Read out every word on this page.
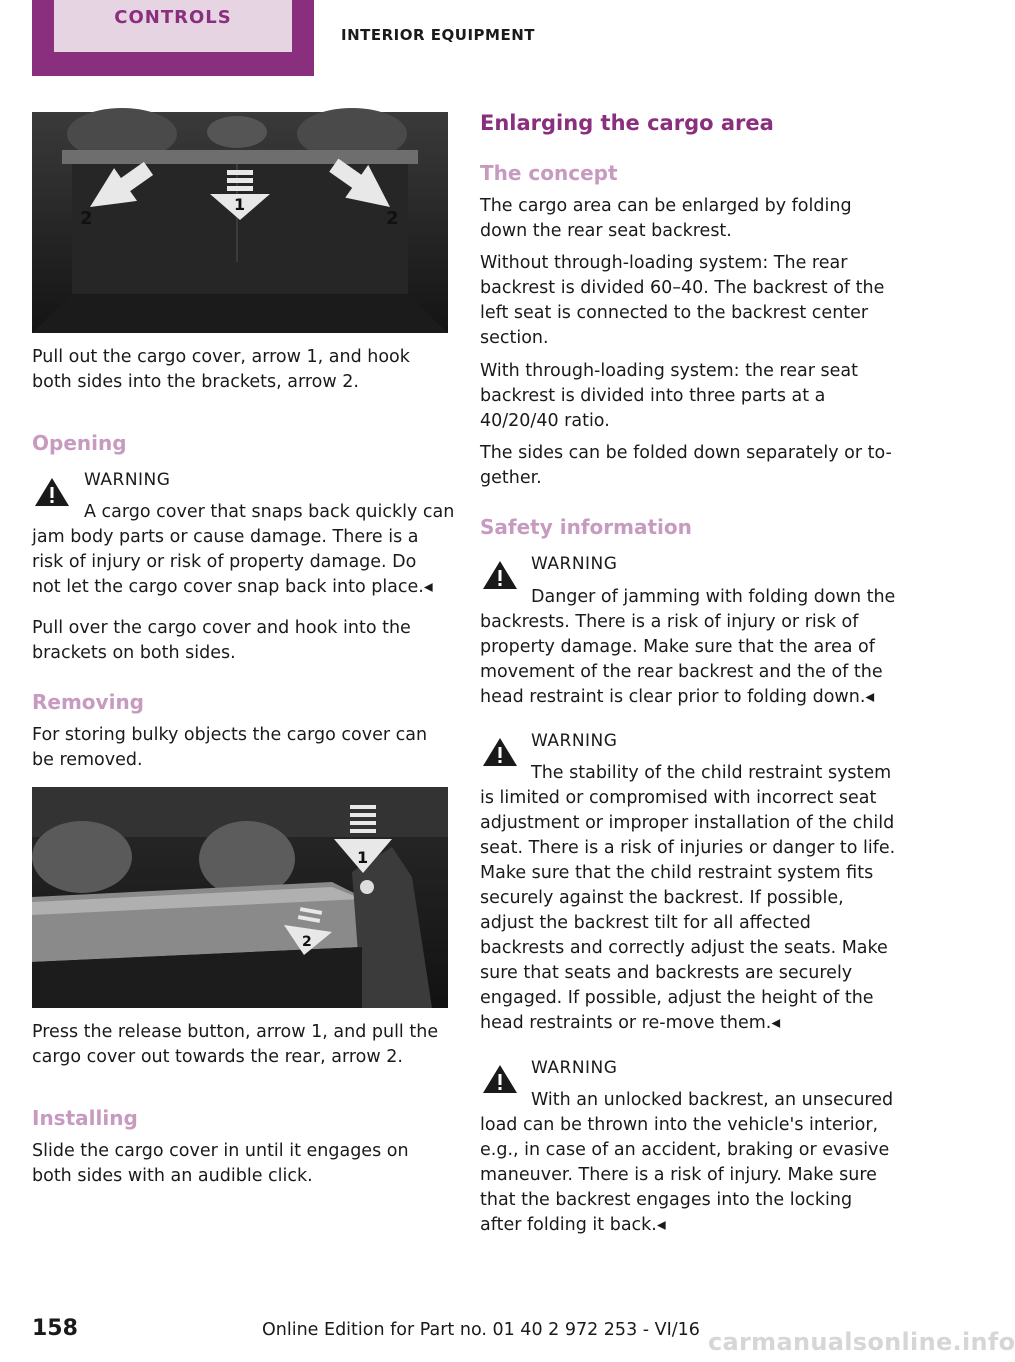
CONTROLS
INTERIOR EQUIPMENT
1
2	2
Pull out the cargo cover, arrow 1, and hook both sides into the brackets, arrow 2.
Opening
WARNING
A cargo cover that snaps back quickly can
jam body parts or cause damage. There is a risk of injury or risk of property damage. Do not let the cargo cover snap back into place.◂
Pull over the cargo cover and hook into the brackets on both sides.
Removing
For storing bulky objects the cargo cover can be removed.
1
2
Press the release button, arrow 1, and pull the cargo cover out towards the rear, arrow 2.
Installing
Slide the cargo cover in until it engages on both sides with an audible click.
Enlarging the cargo area
The concept
The cargo area can be enlarged by folding down the rear seat backrest.
Without through-loading system: The rear backrest is divided 60–40. The backrest of the left seat is connected to the backrest center section.
With through-loading system: the rear seat backrest is divided into three parts at a 40/20/40 ratio.
The sides can be folded down separately or to-gether.
Safety information
WARNING
Danger of jamming with folding down the
backrests. There is a risk of injury or risk of property damage. Make sure that the area of movement of the rear backrest and the of the head restraint is clear prior to folding down.◂
WARNING
The stability of the child restraint system
is limited or compromised with incorrect seat adjustment or improper installation of the child seat. There is a risk of injuries or danger to life. Make sure that the child restraint system fits securely against the backrest. If possible, adjust the backrest tilt for all affected backrests and correctly adjust the seats. Make sure that seats and backrests are securely engaged. If possible, adjust the height of the head restraints or re-move them.◂
WARNING
With an unlocked backrest, an unsecured
load can be thrown into the vehicle's interior, e.g., in case of an accident, braking or evasive maneuver. There is a risk of injury. Make sure that the backrest engages into the locking after folding it back.◂
158	Online Edition for Part no. 01 40 2 972 253 - VI/16 carmanualsonline.info
